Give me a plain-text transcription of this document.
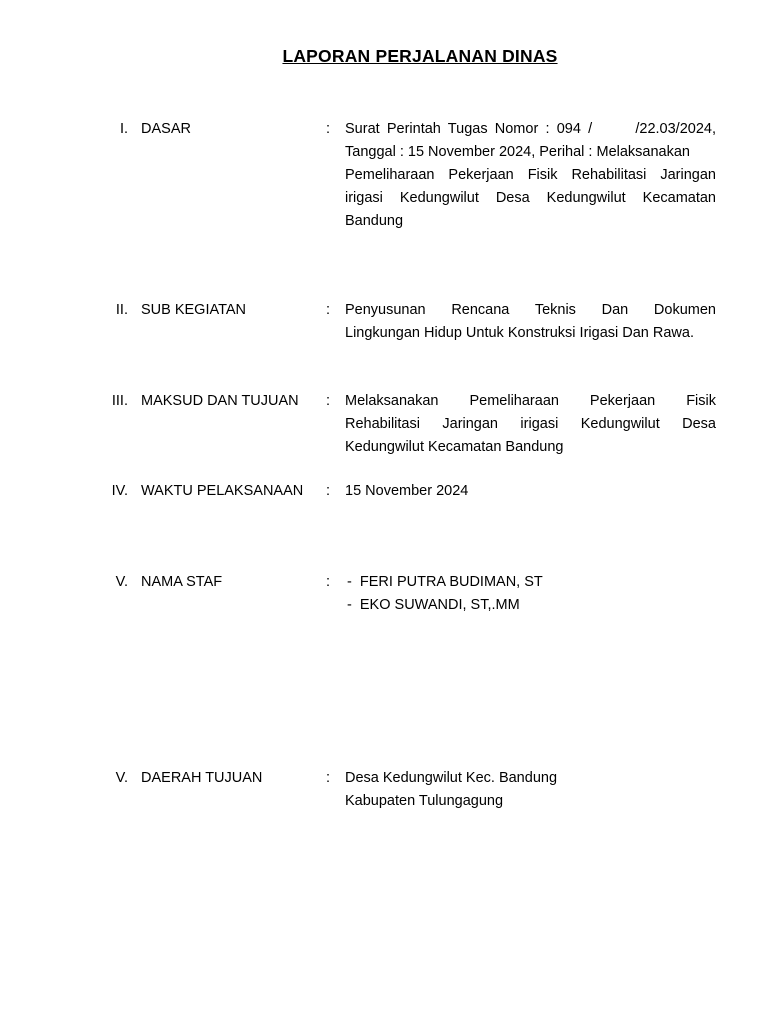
LAPORAN PERJALANAN DINAS
I. DASAR	: Surat Perintah Tugas Nomor : 094 /      /22.03/2024,
Tanggal : 15 November 2024, Perihal : Melaksanakan
Pemeliharaan Pekerjaan Fisik Rehabilitasi Jaringan
irigasi Kedungwilut Desa Kedungwilut Kecamatan
Bandung
II. SUB KEGIATAN	: Penyusunan Rencana Teknis Dan Dokumen
Lingkungan Hidup Untuk Konstruksi Irigasi Dan Rawa.
III. MAKSUD DAN TUJUAN : Melaksanakan Pemeliharaan Pekerjaan Fisik
Rehabilitasi Jaringan irigasi Kedungwilut Desa
Kedungwilut Kecamatan Bandung
IV. WAKTU PELAKSANAAN : 15 November 2024
V. NAMA STAF	: -  FERI PUTRA BUDIMAN, ST
-  EKO SUWANDI, ST,.MM
V. DAERAH TUJUAN	: Desa Kedungwilut Kec. Bandung
Kabupaten Tulungagung
